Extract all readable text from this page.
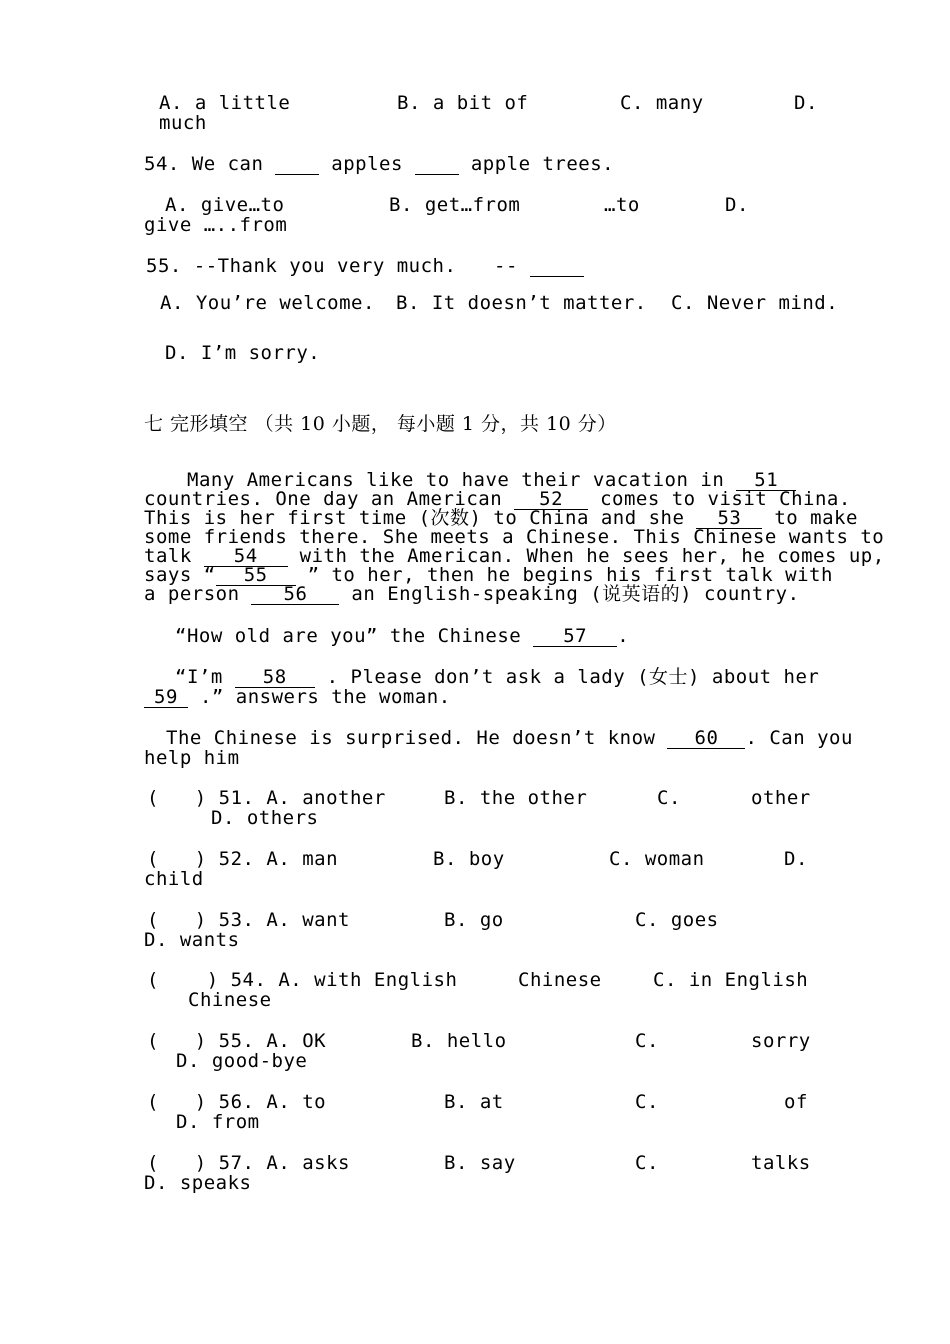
A. a little	B. a bit of	C. many	D.
much
54. We can	apples	apple trees.
A. give…to	B. get…from	…to	D.
give …..from
55. --Thank you very much. --
A. You’re welcome. B. It doesn’t matter. C. Never mind.
D. I’m sorry.
七 完形填空 （共 10 小题， 每小题 1 分，共 10 分）
Many Americans like to have their vacation in 51
countries. One day an American 52 comes to visit China.
This is her first time (次数) to China and she 53 to make
some friends there. She meets a Chinese. This Chinese wants to
talk 54 with the American. When he sees her, he comes up,
says “ 55 ” to her, then he begins his first talk with
a person 56 an English-speaking (说英语的) country.
“How old are you” the Chinese 57 .
“I’m 58 . Please don’t ask a lady (女士) about her
59 .” answers the woman.
The Chinese is surprised. He doesn’t know 60 . Can you
help him
(   ) 51. A. another	B. the other	C.	other
D. others
(   ) 52. A. man	B. boy	C. woman	D.
child
(   ) 53. A. want	B. go	C. goes
D. wants
(    ) 54. A. with English	Chinese	C. in English
Chinese
(   ) 55. A. OK	B. hello	C.	sorry
D. good-bye
(   ) 56. A. to	B. at	C.	of
D. from
(   ) 57. A. asks	B. say	C.	talks
D. speaks
